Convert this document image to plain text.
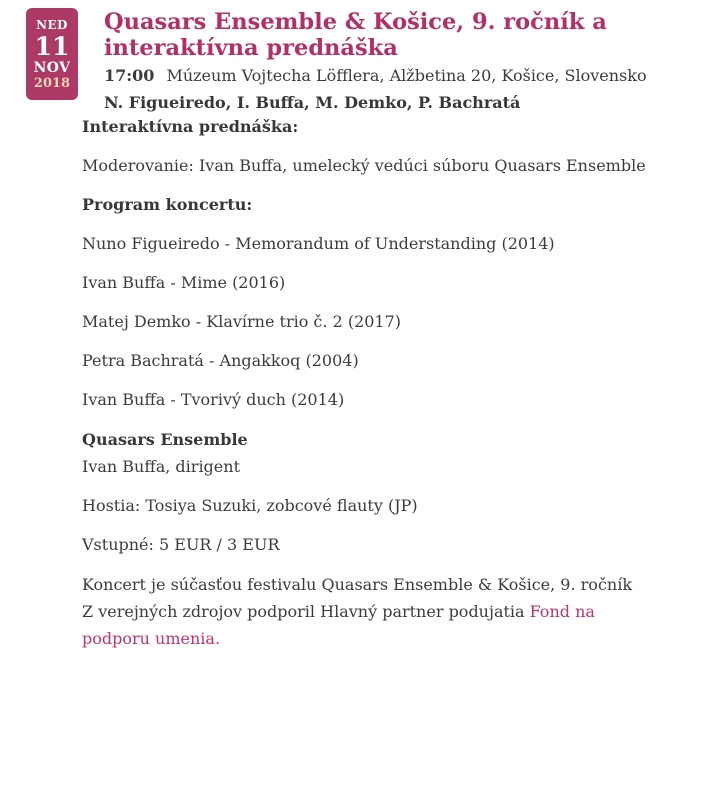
NED
11
NOV
2018
Quasars Ensemble & Košice, 9. ročník a interaktívna prednáška

17:00 Múzeum Vojtecha Löfflera, Alžbetina 20, Košice, Slovensko

N. Figueiredo, I. Buffa, M. Demko, P. Bachratá

Interaktívna prednáška:

Moderovanie: Ivan Buffa, umelecký vedúci súboru Quasars Ensemble

Program koncertu:

Nuno Figueiredo - Memorandum of Understanding (2014)

Ivan Buffa - Mime (2016)

Matej Demko - Klavírne trio č. 2 (2017)

Petra Bachratá - Angakkoq (2004)

Ivan Buffa - Tvorivý duch (2014)

Quasars Ensemble
Ivan Buffa, dirigent

Hostia: Tosiya Suzuki, zobcové flauty (JP)

Vstupné: 5 EUR / 3 EUR

Koncert je súčasťou festivalu Quasars Ensemble & Košice, 9. ročník
Z verejných zdrojov podporil Hlavný partner podujatia Fond na podporu umenia.
